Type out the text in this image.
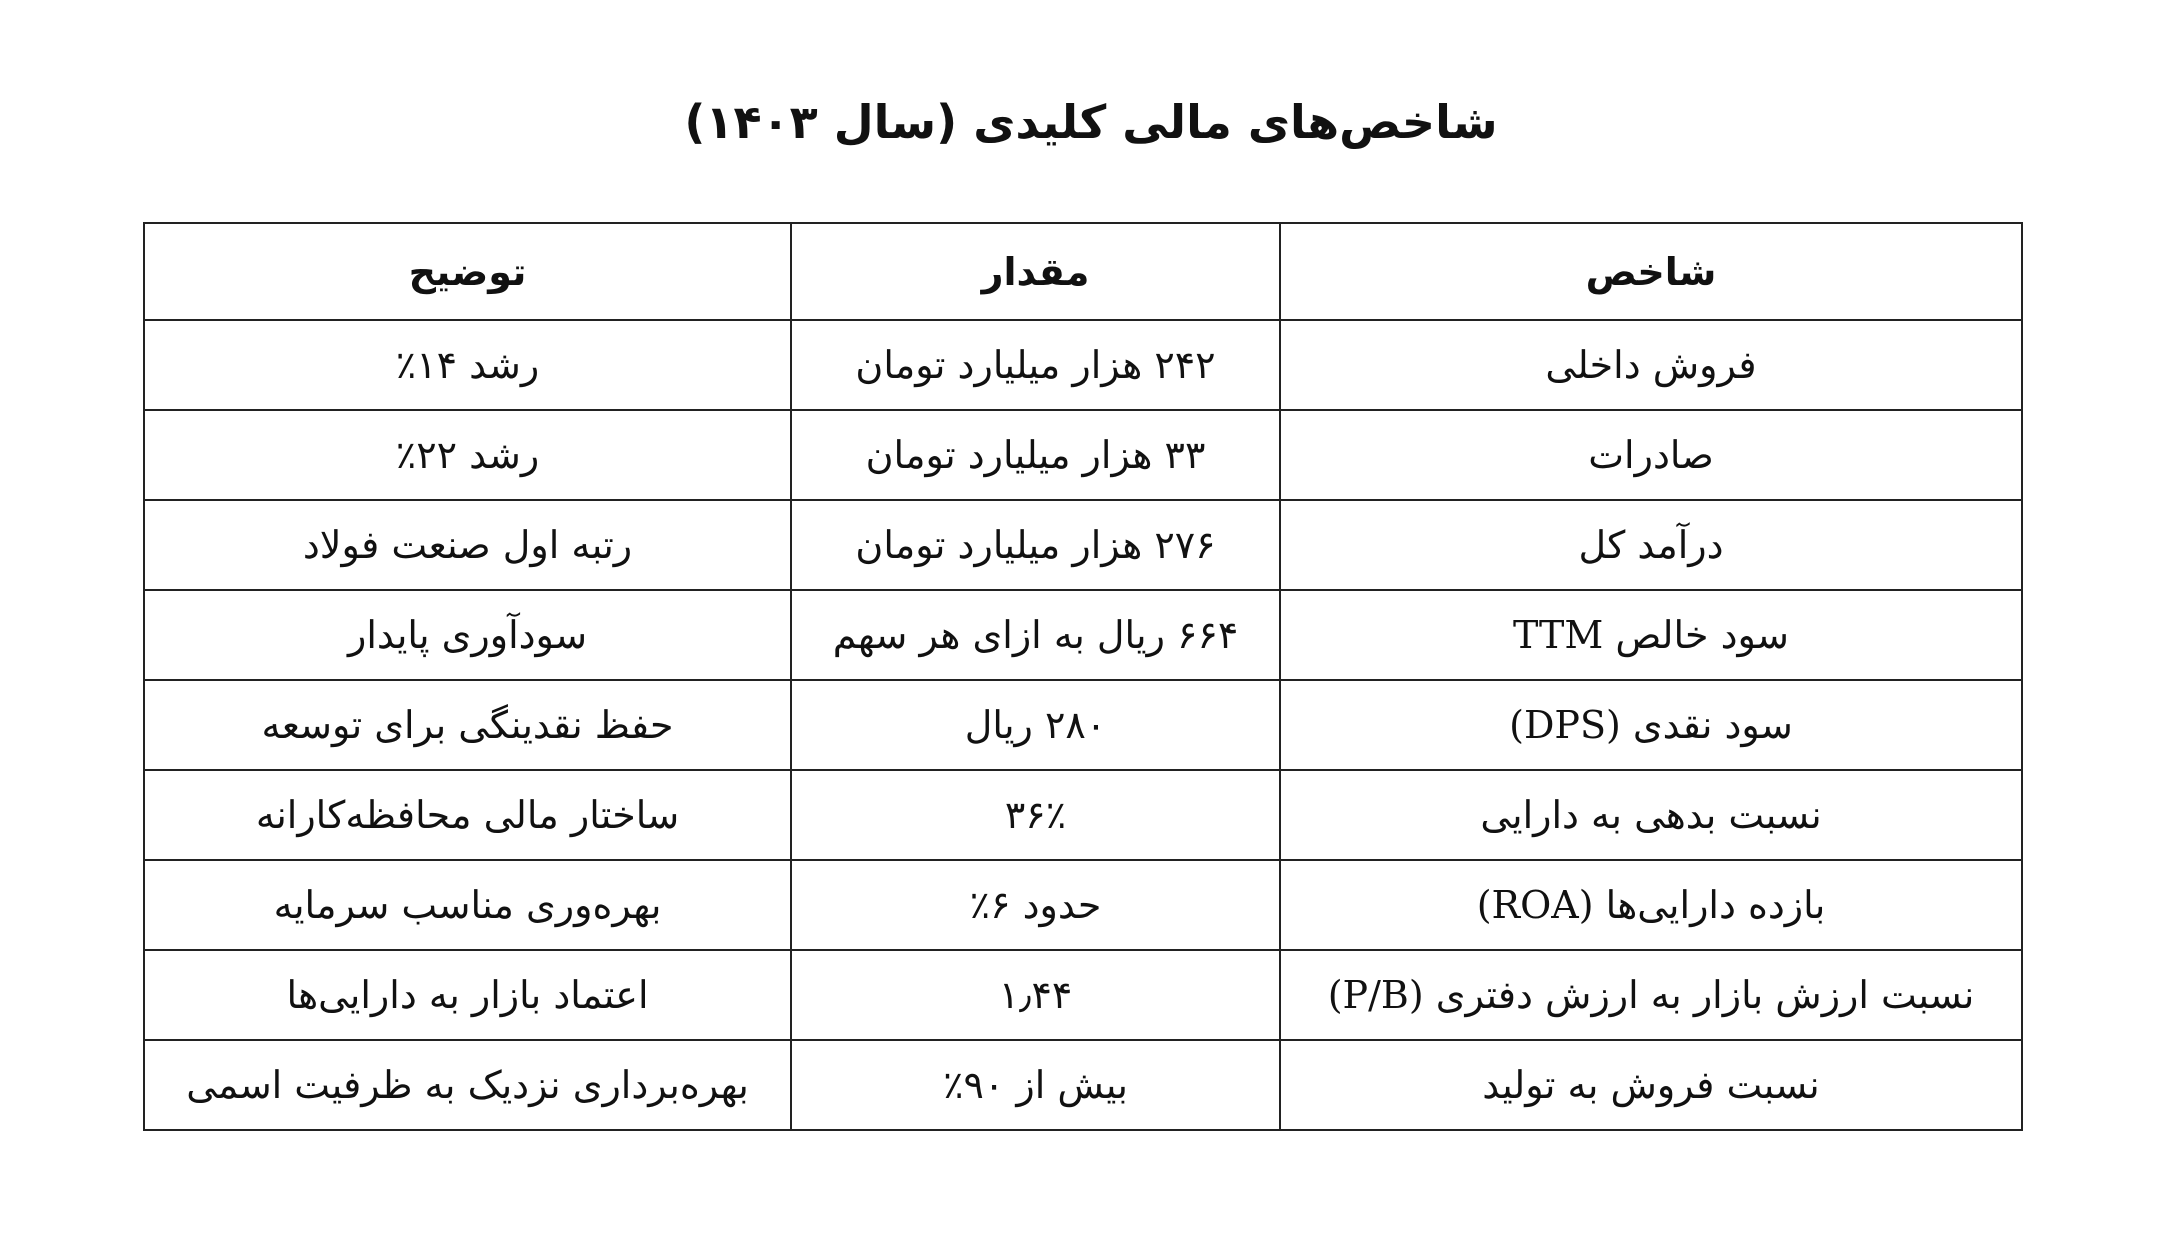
شاخص‌های مالی کلیدی (سال ۱۴۰۳)
شاخص	مقدار	توضیح
فروش داخلی	۲۴۲ هزار میلیارد تومان	رشد ۱۴٪
صادرات	۳۳ هزار میلیارد تومان	رشد ۲۲٪
درآمد کل	۲۷۶ هزار میلیارد تومان	رتبه اول صنعت فولاد
سود خالص TTM	۶۶۴ ریال به ازای هر سهم	سودآوری پایدار
سود نقدی (DPS)	۲۸۰ ریال	حفظ نقدینگی برای توسعه
نسبت بدهی به دارایی	۳۶٪	ساختار مالی محافظه‌کارانه
بازده دارایی‌ها (ROA)	حدود ۶٪	بهره‌وری مناسب سرمایه
نسبت ارزش بازار به ارزش دفتری (P/B)	۱٫۴۴	اعتماد بازار به دارایی‌ها
نسبت فروش به تولید	بیش از ۹۰٪	بهره‌برداری نزدیک به ظرفیت اسمی
